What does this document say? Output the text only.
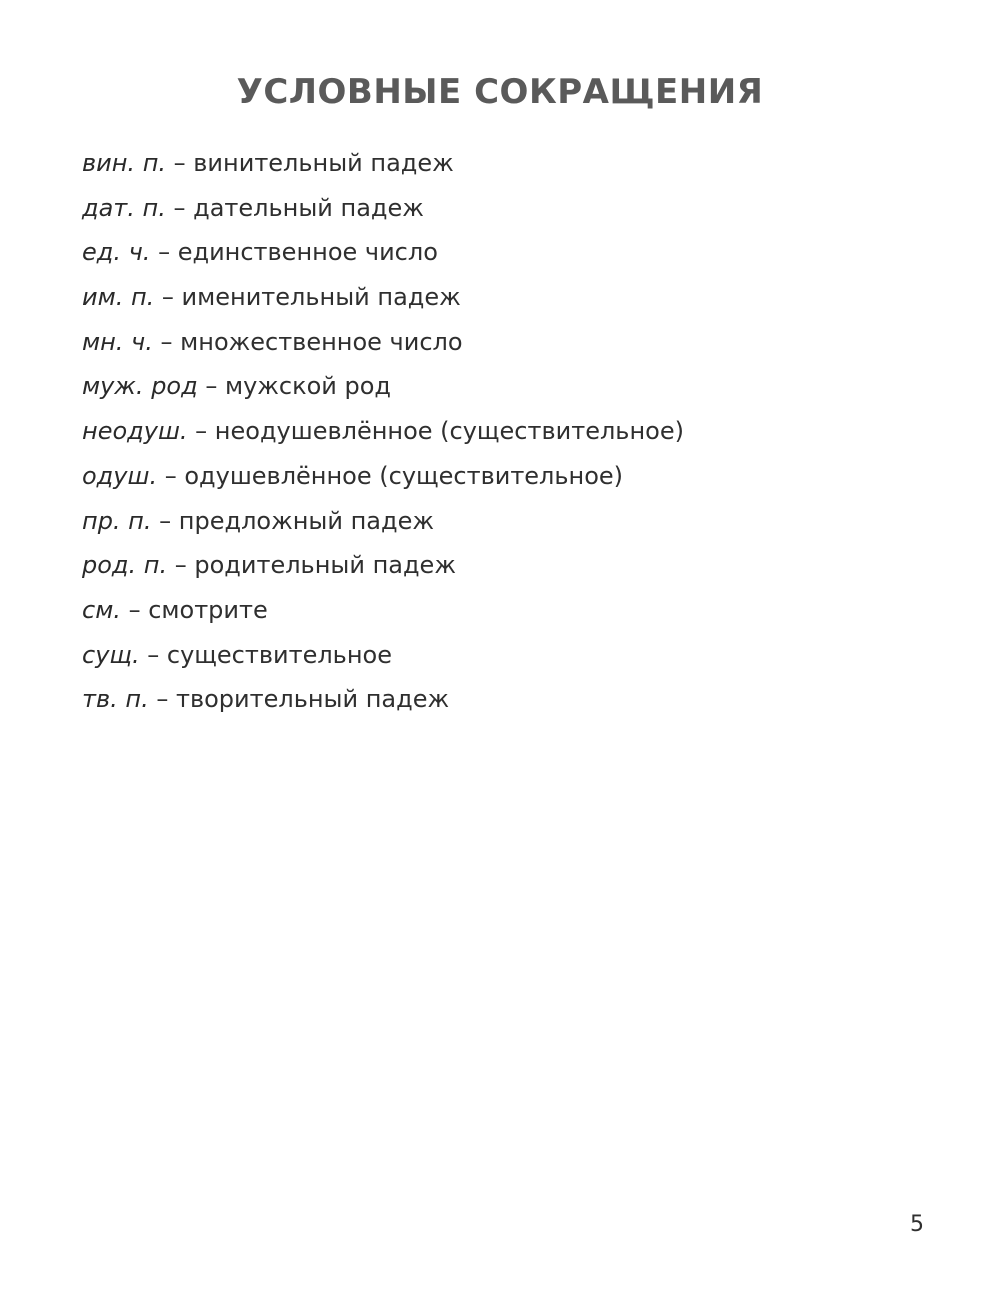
УСЛОВНЫЕ СОКРАЩЕНИЯ
вин. п. – винительный падеж
дат. п. – дательный падеж
ед. ч. – единственное число
им. п. – именительный падеж
мн. ч. – множественное число
муж. род – мужской род
неодуш. – неодушевлённое (существительное)
одуш. – одушевлённое (существительное)
пр. п. – предложный падеж
род. п. – родительный падеж
см. – смотрите
сущ. – существительное
тв. п. – творительный падеж
5
